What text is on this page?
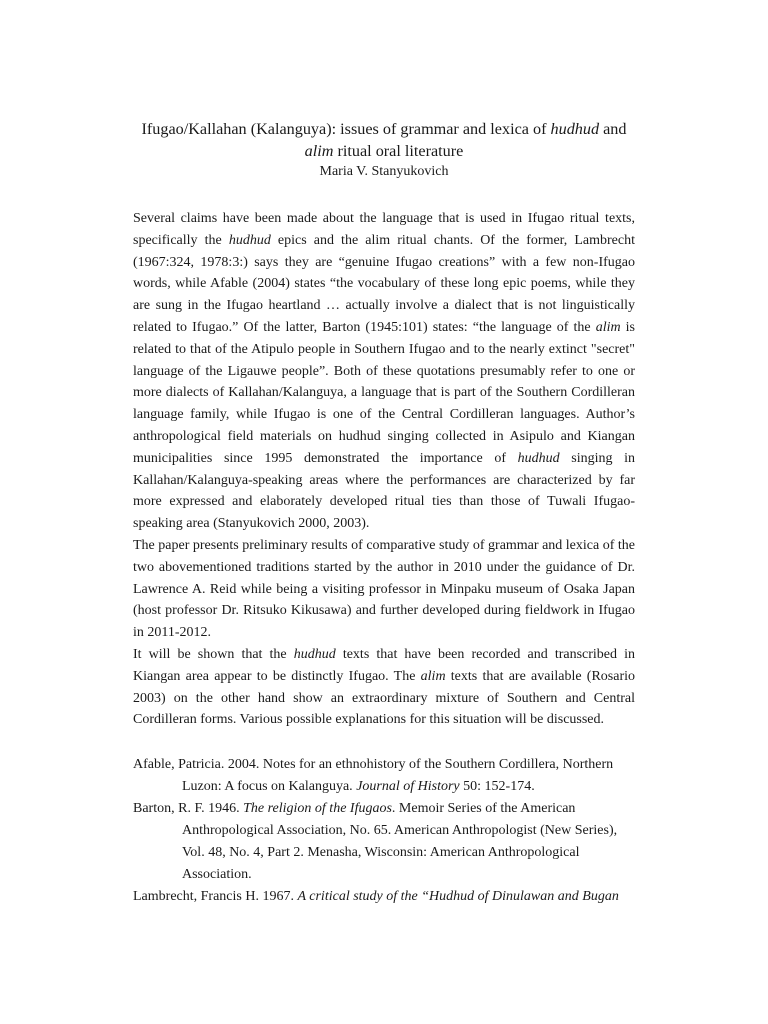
Ifugao/Kallahan (Kalanguya): issues of grammar and lexica of hudhud and
alim ritual oral literature

Maria V. Stanyukovich

Several claims have been made about the language that is used in Ifugao ritual texts, specifically the hudhud epics and the alim ritual chants. Of the former, Lambrecht (1967:324, 1978:3:) says they are “genuine Ifugao creations” with a few non-Ifugao words, while Afable (2004) states “the vocabulary of these long epic poems, while they are sung in the Ifugao heartland … actually involve a dialect that is not linguistically related to Ifugao.” Of the latter, Barton (1945:101) states: “the language of the alim is related to that of the Atipulo people in Southern Ifugao and to the nearly extinct "secret" language of the Ligauwe people”. Both of these quotations presumably refer to one or more dialects of Kallahan/Kalanguya, a language that is part of the Southern Cordilleran language family, while Ifugao is one of the Central Cordilleran languages. Author’s anthropological field materials on hudhud singing collected in Asipulo and Kiangan municipalities since 1995 demonstrated the importance of hudhud singing in Kallahan/Kalanguya-speaking areas where the performances are characterized by far more expressed and elaborately developed ritual ties than those of Tuwali Ifugao-speaking area (Stanyukovich 2000, 2003).

The paper presents preliminary results of comparative study of grammar and lexica of the two abovementioned traditions started by the author in 2010 under the guidance of Dr. Lawrence A. Reid while being a visiting professor in Minpaku museum of Osaka Japan (host professor Dr. Ritsuko Kikusawa) and further developed during fieldwork in Ifugao in 2011-2012.

It will be shown that the hudhud texts that have been recorded and transcribed in Kiangan area appear to be distinctly Ifugao. The alim texts that are available (Rosario 2003) on the other hand show an extraordinary mixture of Southern and Central Cordilleran forms. Various possible explanations for this situation will be discussed.

Afable, Patricia. 2004. Notes for an ethnohistory of the Southern Cordillera, Northern Luzon: A focus on Kalanguya. Journal of History 50: 152-174.

Barton, R. F. 1946. The religion of the Ifugaos. Memoir Series of the American Anthropological Association, No. 65. American Anthropologist (New Series), Vol. 48, No. 4, Part 2. Menasha, Wisconsin: American Anthropological Association.

Lambrecht, Francis H. 1967. A critical study of the “Hudhud of Dinulawan and Bugan
